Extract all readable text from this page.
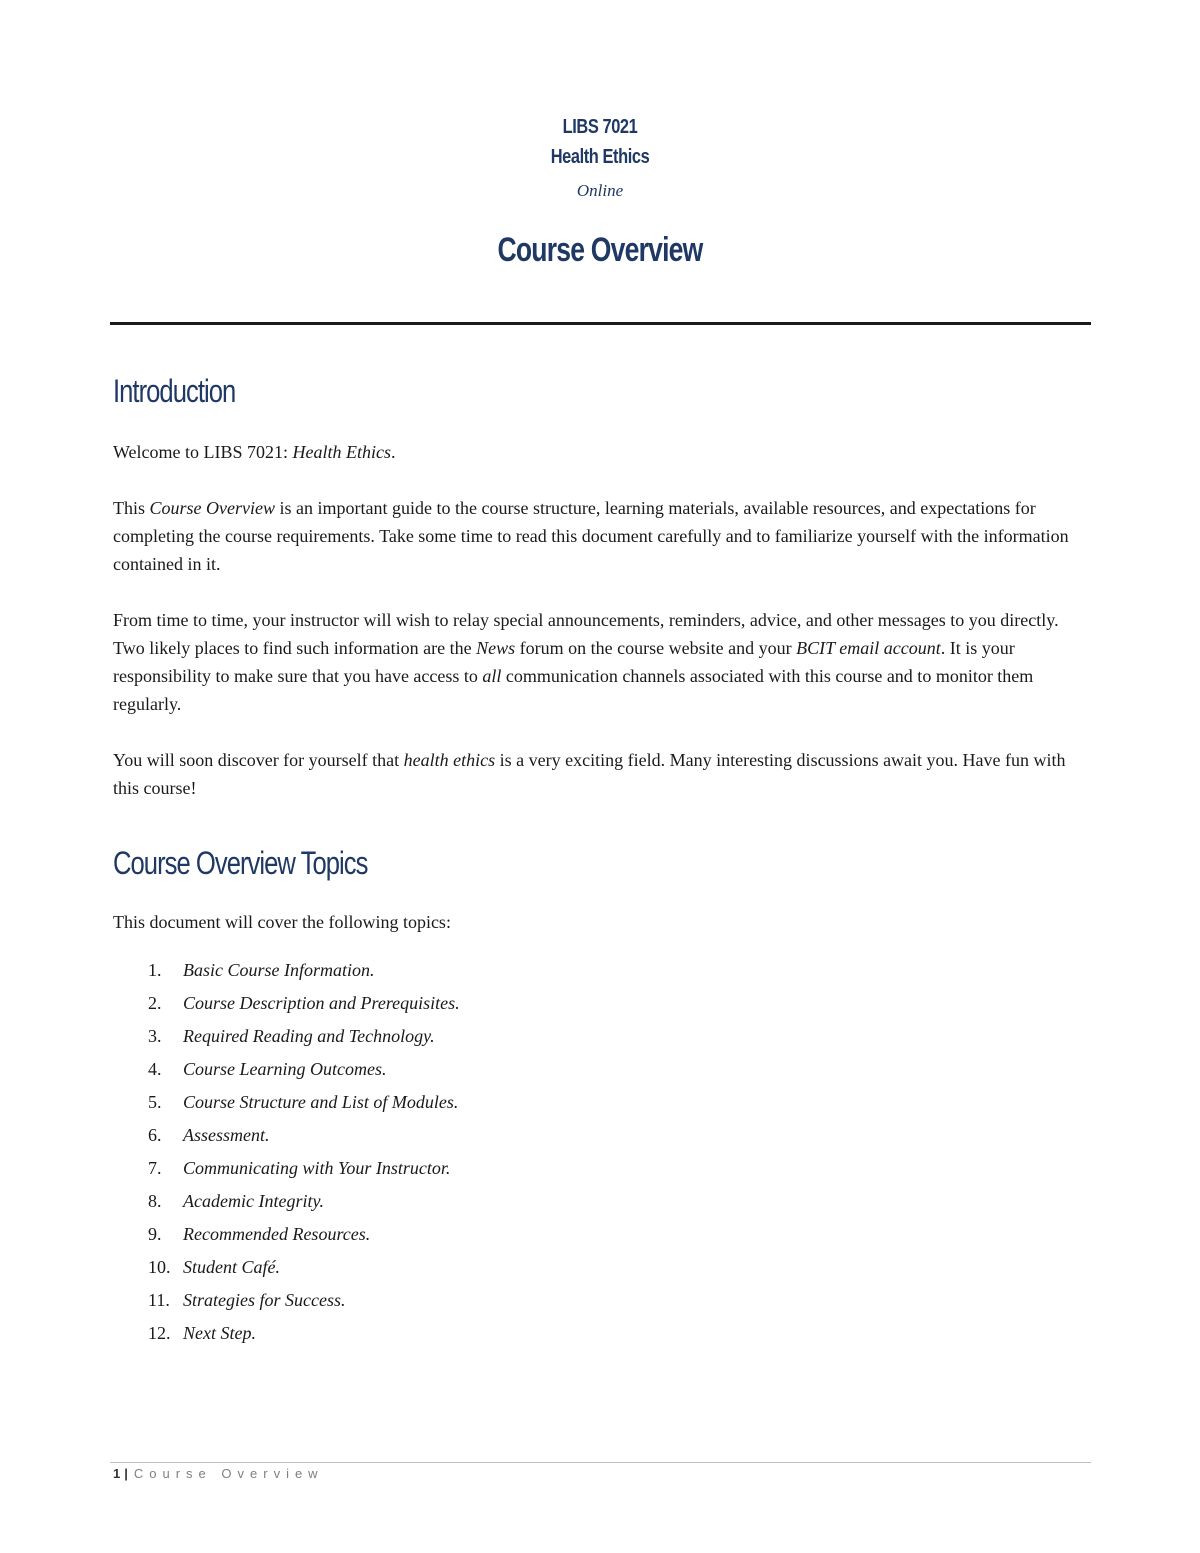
LIBS 7021
Health Ethics
Online
Course Overview
Introduction

Welcome to LIBS 7021: Health Ethics.

This Course Overview is an important guide to the course structure, learning materials, available resources, and expectations for completing the course requirements. Take some time to read this document carefully and to familiarize yourself with the information contained in it.

From time to time, your instructor will wish to relay special announcements, reminders, advice, and other messages to you directly. Two likely places to find such information are the News forum on the course website and your BCIT email account. It is your responsibility to make sure that you have access to all communication channels associated with this course and to monitor them regularly.

You will soon discover for yourself that health ethics is a very exciting field. Many interesting discussions await you. Have fun with this course!

Course Overview Topics

This document will cover the following topics:

1.	Basic Course Information.
2.	Course Description and Prerequisites.
3.	Required Reading and Technology.
4.	Course Learning Outcomes.
5.	Course Structure and List of Modules.
6.	Assessment.
7.	Communicating with Your Instructor.
8.	Academic Integrity.
9.	Recommended Resources.
10. Student Café.
11. Strategies for Success.
12. Next Step.
1 | Course Overview
